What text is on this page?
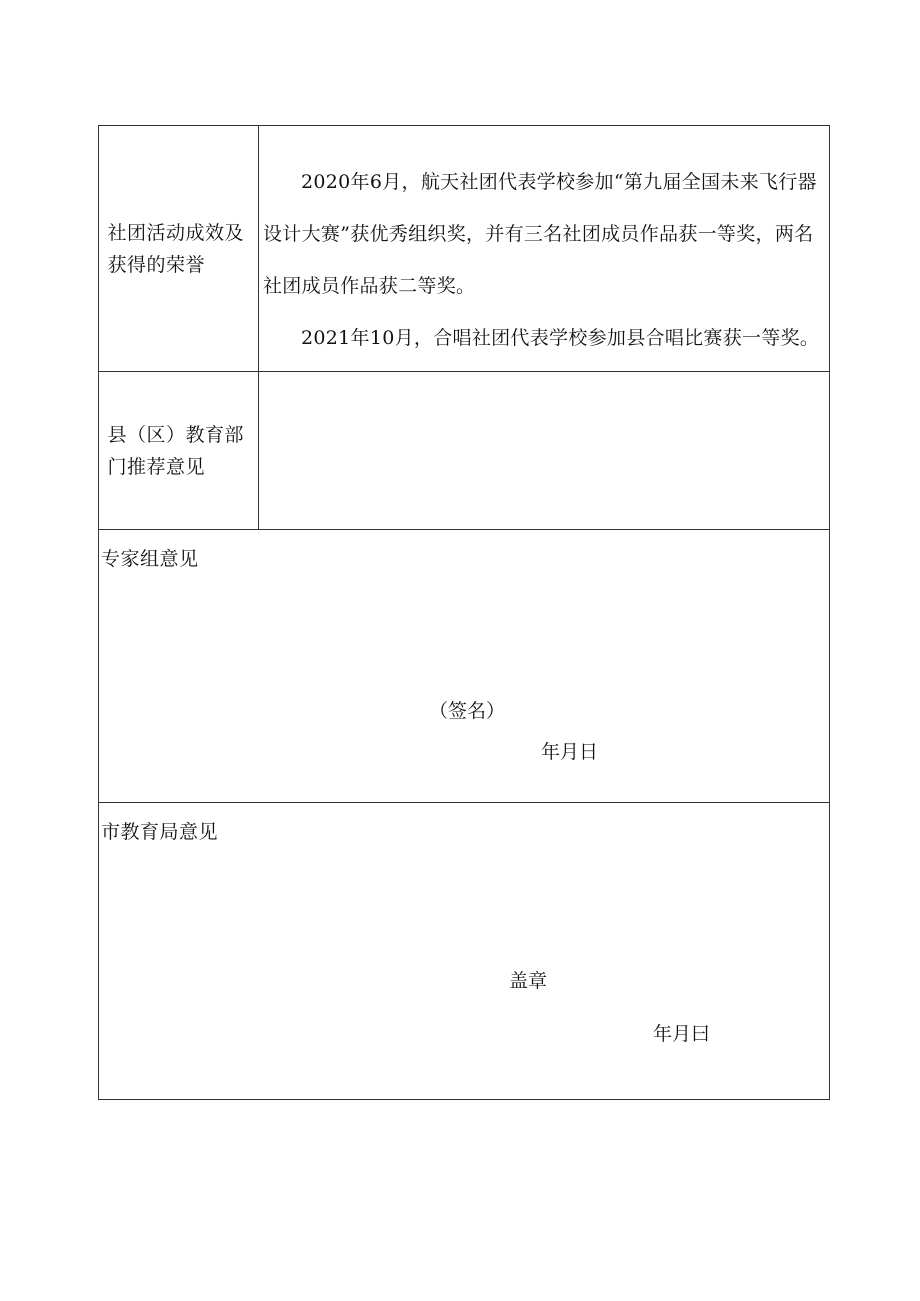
社团活动成效及获得的荣誉
2020年6月，航天社团代表学校参加“第九届全国未来飞行器设计大赛”获优秀组织奖，并有三名社团成员作品获一等奖，两名社团成员作品获二等奖。
2021年10月，合唱社团代表学校参加县合唱比赛获一等奖。
县（区）教育部门推荐意见
专家组意见
（签名）
年月日
市教育局意见
盖章
年月曰
